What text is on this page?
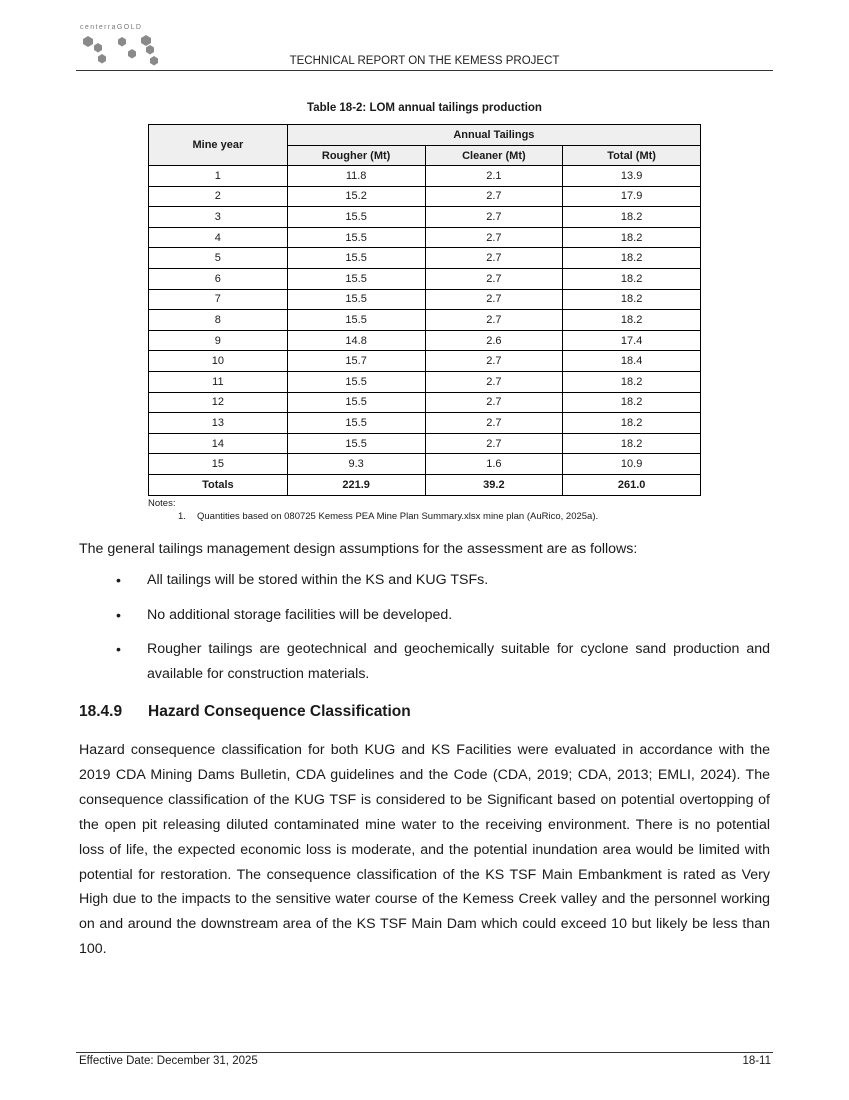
centerraGOLD
TECHNICAL REPORT ON THE KEMESS PROJECT
Table 18-2: LOM annual tailings production
Mine year	Annual Tailings		
	Rougher (Mt)	Cleaner (Mt)	Total (Mt)
1	11.8	2.1	13.9
2	15.2	2.7	17.9
3	15.5	2.7	18.2
4	15.5	2.7	18.2
5	15.5	2.7	18.2
6	15.5	2.7	18.2
7	15.5	2.7	18.2
8	15.5	2.7	18.2
9	14.8	2.6	17.4
10	15.7	2.7	18.4
11	15.5	2.7	18.2
12	15.5	2.7	18.2
13	15.5	2.7	18.2
14	15.5	2.7	18.2
15	9.3	1.6	10.9
Totals	221.9	39.2	261.0
Notes:
1. Quantities based on 080725 Kemess PEA Mine Plan Summary.xlsx mine plan (AuRico, 2025a).
The general tailings management design assumptions for the assessment are as follows:
• All tailings will be stored within the KS and KUG TSFs.
• No additional storage facilities will be developed.
• Rougher tailings are geotechnical and geochemically suitable for cyclone sand production and available for construction materials.
18.4.9 Hazard Consequence Classification
Hazard consequence classification for both KUG and KS Facilities were evaluated in accordance with the 2019 CDA Mining Dams Bulletin, CDA guidelines and the Code (CDA, 2019; CDA, 2013; EMLI, 2024). The consequence classification of the KUG TSF is considered to be Significant based on potential overtopping of the open pit releasing diluted contaminated mine water to the receiving environment. There is no potential loss of life, the expected economic loss is moderate, and the potential inundation area would be limited with potential for restoration. The consequence classification of the KS TSF Main Embankment is rated as Very High due to the impacts to the sensitive water course of the Kemess Creek valley and the personnel working on and around the downstream area of the KS TSF Main Dam which could exceed 10 but likely be less than 100.
Effective Date: December 31, 2025	18-11
